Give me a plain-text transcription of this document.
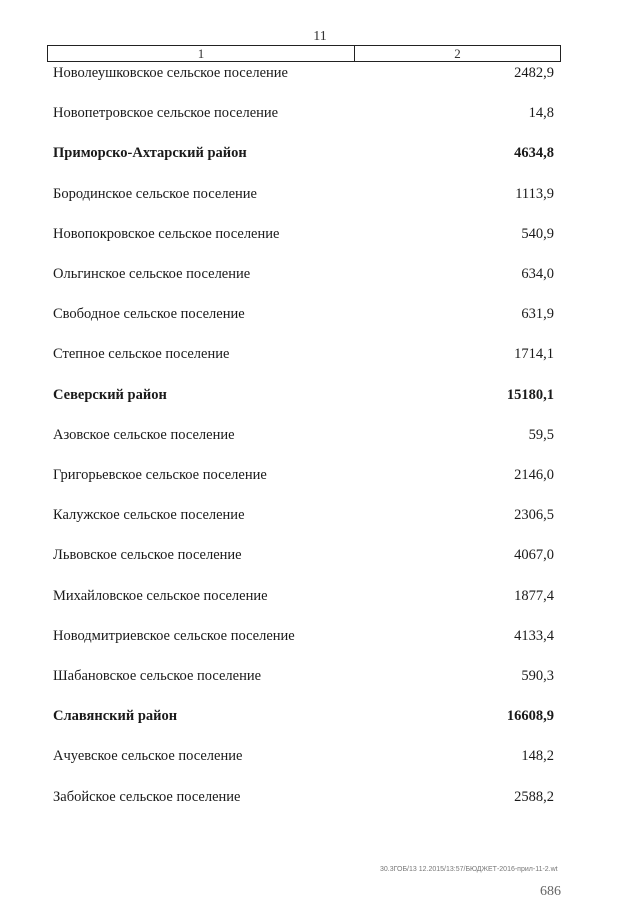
11
1	2
Новолеушковское сельское поселение	2482,9
Новопетровское сельское поселение	14,8
Приморско-Ахтарский район	4634,8
Бородинское сельское поселение	1113,9
Новопокровское сельское поселение	540,9
Ольгинское сельское поселение	634,0
Свободное сельское поселение	631,9
Степное сельское поселение	1714,1
Северский район	15180,1
Азовское сельское поселение	59,5
Григорьевское сельское поселение	2146,0
Калужское сельское поселение	2306,5
Львовское сельское поселение	4067,0
Михайловское сельское поселение	1877,4
Новодмитриевское сельское поселение	4133,4
Шабановское сельское поселение	590,3
Славянский район	16608,9
Ачуевское сельское поселение	148,2
Забойское сельское поселение	2588,2
30.3ГОБ/13 12.2015/13:57/БЮДЖЕТ-2016-прил-11-2.wt
686
